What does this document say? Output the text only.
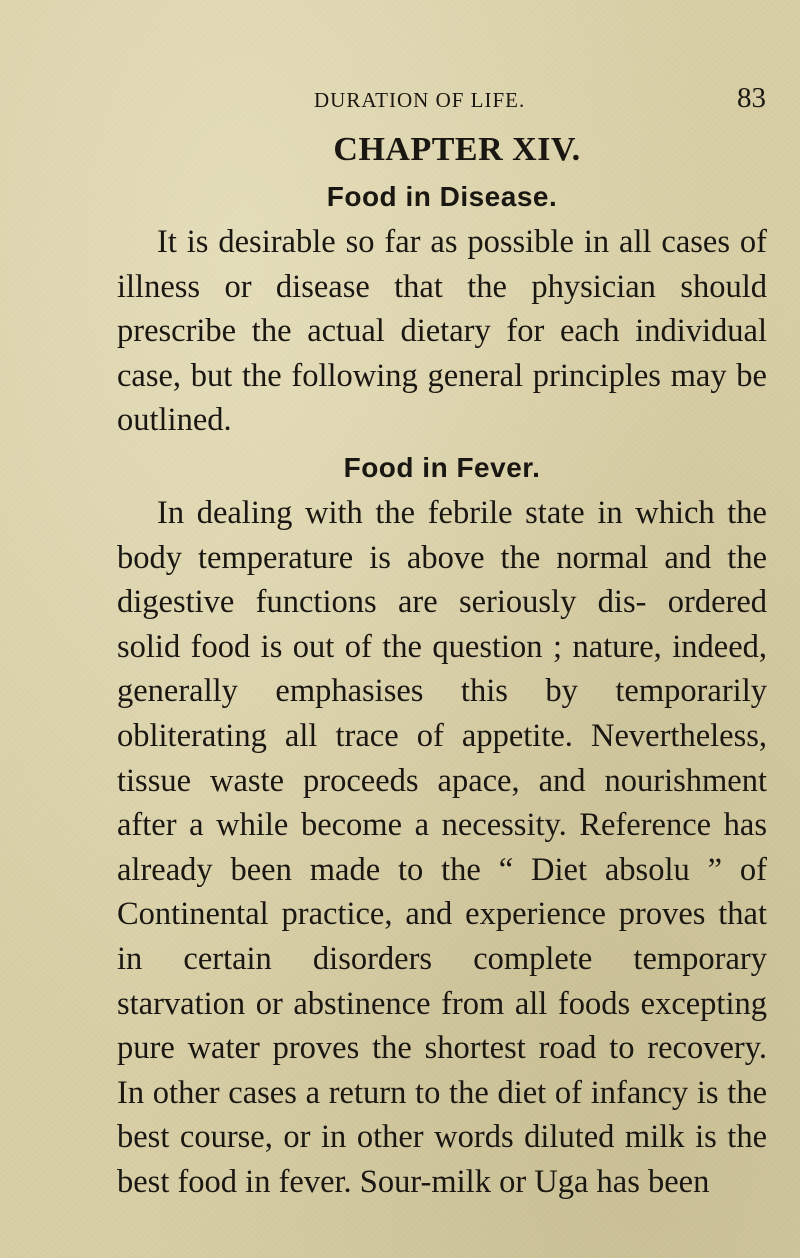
DURATION OF LIFE.	83
CHAPTER XIV.
Food in Disease.

It is desirable so far as possible in all cases of illness or disease that the physician should prescribe the actual dietary for each individual case, but the following general principles may be outlined.

Food in Fever.

In dealing with the febrile state in which the body temperature is above the normal and the digestive functions are seriously dis- ordered solid food is out of the question ; nature, indeed, generally emphasises this by temporarily obliterating all trace of appetite. Nevertheless, tissue waste proceeds apace, and nourishment after a while become a necessity. Reference has already been made to the “ Diet absolu ” of Continental practice, and experience proves that in certain disorders complete temporary starvation or abstinence from all foods excepting pure water proves the shortest road to recovery. In other cases a return to the diet of infancy is the best course, or in other words diluted milk is the best food in fever. Sour-milk or Uga has been
